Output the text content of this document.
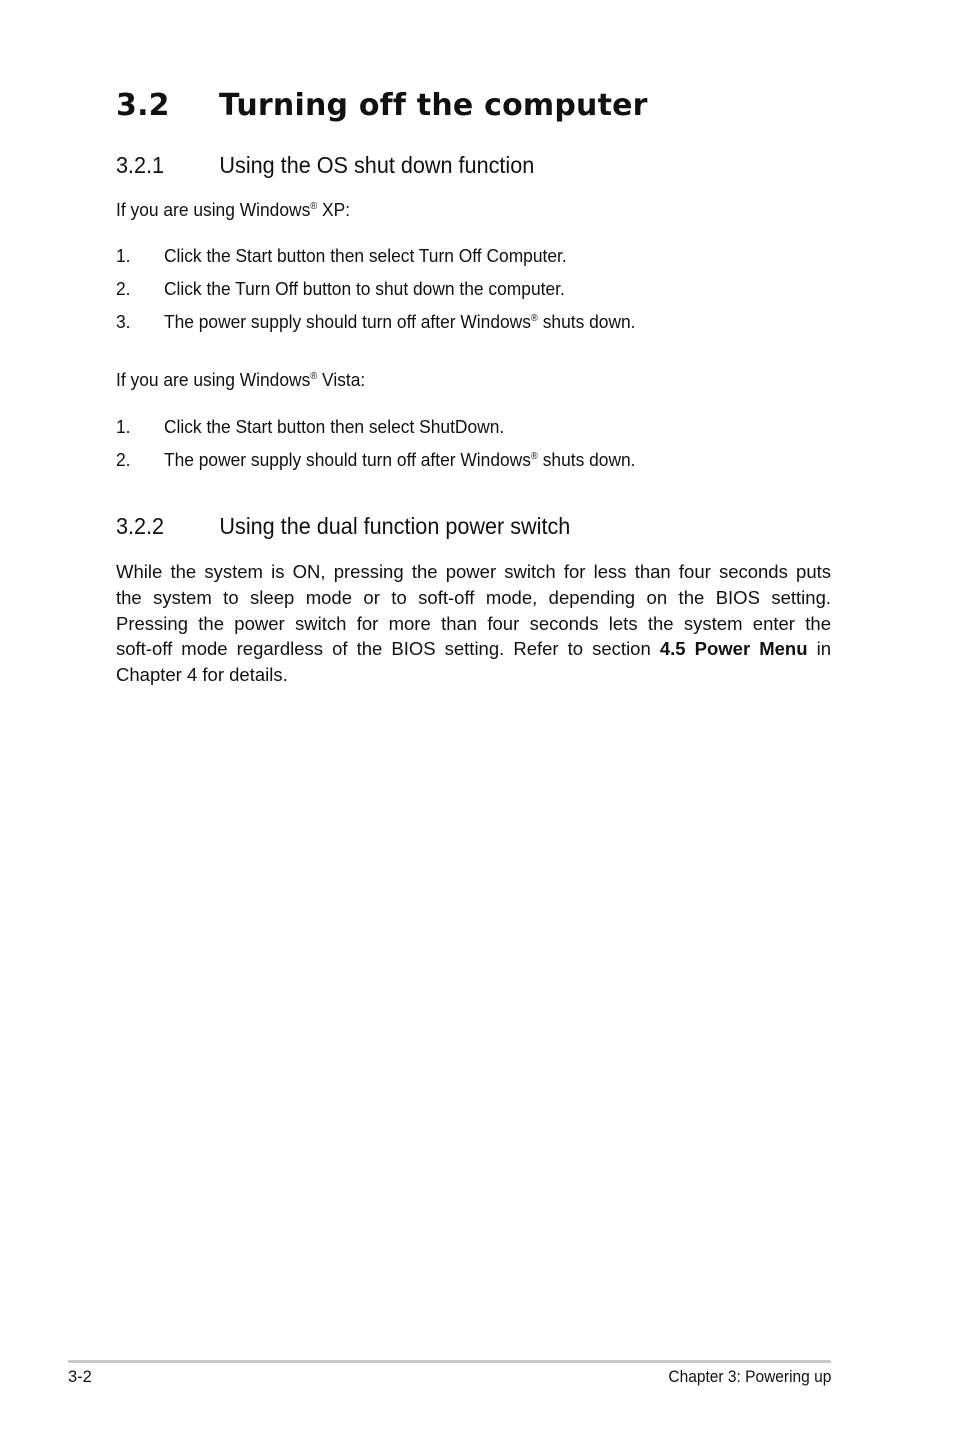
3.2 Turning off the computer
3.2.1 Using the OS shut down function
If you are using Windows® XP:
1. Click the Start button then select Turn Off Computer.
2. Click the Turn Off button to shut down the computer.
3. The power supply should turn off after Windows® shuts down.
If you are using Windows® Vista:
1. Click the Start button then select ShutDown.
2. The power supply should turn off after Windows® shuts down.
3.2.2 Using the dual function power switch
While the system is ON, pressing the power switch for less than four seconds puts
the system to sleep mode or to soft-off mode, depending on the BIOS setting.
Pressing the power switch for more than four seconds lets the system enter the
soft-off mode regardless of the BIOS setting. Refer to section 4.5 Power Menu in
Chapter 4 for details.
3-2	Chapter 3: Powering up
